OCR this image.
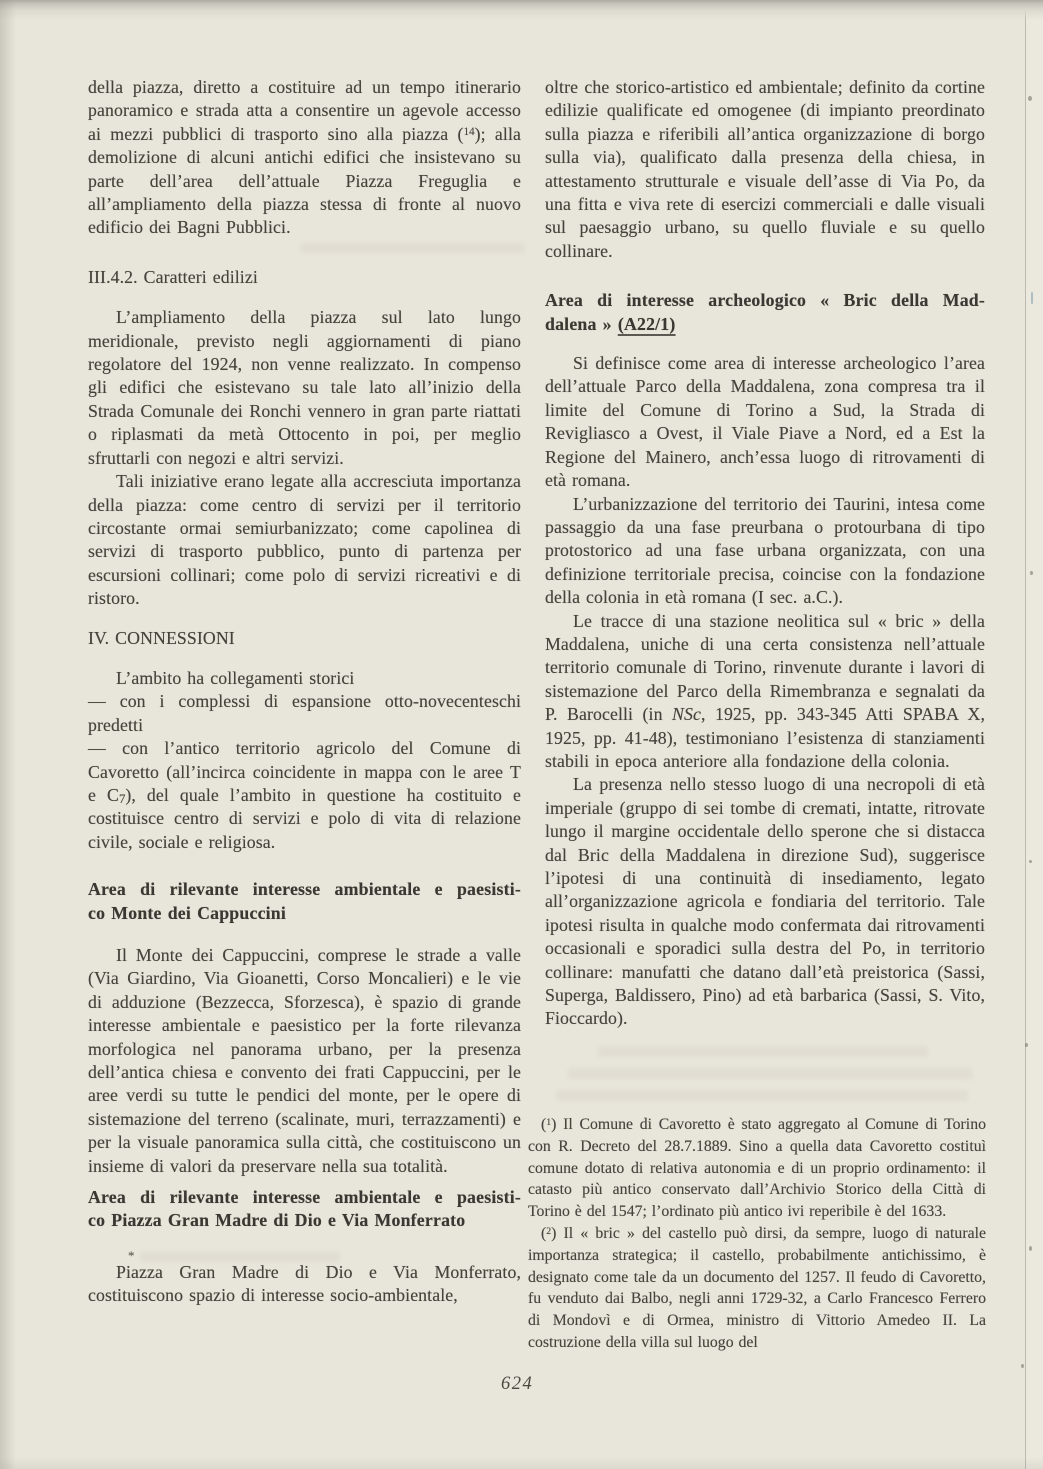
della piazza, diretto a costituire ad un tempo itinerario panoramico e strada atta a consentire un agevole accesso ai mezzi pubblici di trasporto sino alla piazza ($^{14}$); alla demolizione di alcuni antichi edifici che insistevano su parte dell’area dell’attuale Piazza Freguglia e all’ampliamento della piazza stessa di fronte al nuovo edificio dei Bagni Pubblici.

III.4.2. Caratteri edilizi

L’ampliamento della piazza sul lato lungo meridionale, previsto negli aggiornamenti di piano regolatore del 1924, non venne realizzato. In compenso gli edifici che esistevano su tale lato all’inizio della Strada Comunale dei Ronchi vennero in gran parte riattati o riplasmati da metà Ottocento in poi, per meglio sfruttarli con negozi e altri servizi.

Tali iniziative erano legate alla accresciuta importanza della piazza: come centro di servizi per il territorio circostante ormai semiurbanizzato; come capolinea di servizi di trasporto pubblico, punto di partenza per escursioni collinari; come polo di servizi ricreativi e di ristoro.

IV. CONNESSIONI

L’ambito ha collegamenti storici

— con i complessi di espansione otto-novecenteschi predetti

— con l’antico territorio agricolo del Comune di Cavoretto (all’incirca coincidente in mappa con le aree T e C7), del quale l’ambito in questione ha costituito e costituisce centro di servizi e polo di vita di relazione civile, sociale e religiosa.

Area di rilevante interesse ambientale e paesisti-
co Monte dei Cappuccini

Il Monte dei Cappuccini, comprese le strade a valle (Via Giardino, Via Gioanetti, Corso Moncalieri) e le vie di adduzione (Bezzecca, Sforzesca), è spazio di grande interesse ambientale e paesistico per la forte rilevanza morfologica nel panorama urbano, per la presenza dell’antica chiesa e convento dei frati Cappuccini, per le aree verdi su tutte le pendici del monte, per le opere di sistemazione del terreno (scalinate, muri, terrazzamenti) e per la visuale panoramica sulla città, che costituiscono un insieme di valori da preservare nella sua totalità.

Area di rilevante interesse ambientale e paesisti-
co Piazza Gran Madre di Dio e Via Monferrato
*

Piazza Gran Madre di Dio e Via Monferrato, costituiscono spazio di interesse socio-ambientale,

oltre che storico-artistico ed ambientale; definito da cortine edilizie qualificate ed omogenee (di impianto preordinato sulla piazza e riferibili all’antica organizzazione di borgo sulla via), qualificato dalla presenza della chiesa, in attestamento strutturale e visuale dell’asse di Via Po, da una fitta e viva rete di esercizi commerciali e dalle visuali sul paesaggio urbano, su quello fluviale e su quello collinare.

Area di interesse archeologico « Bric della Mad-
dalena » (A22/1)

Si definisce come area di interesse archeologico l’area dell’attuale Parco della Maddalena, zona compresa tra il limite del Comune di Torino a Sud, la Strada di Revigliasco a Ovest, il Viale Piave a Nord, ed a Est la Regione del Mainero, anch’essa luogo di ritrovamenti di età romana.

L’urbanizzazione del territorio dei Taurini, intesa come passaggio da una fase preurbana o protourbana di tipo protostorico ad una fase urbana organizzata, con una definizione territoriale precisa, coincise con la fondazione della colonia in età romana (I sec. a.C.).

Le tracce di una stazione neolitica sul « bric » della Maddalena, uniche di una certa consistenza nell’attuale territorio comunale di Torino, rinvenute durante i lavori di sistemazione del Parco della Rimembranza e segnalati da P. Barocelli (in NSc, 1925, pp. 343-345 Atti SPABA X, 1925, pp. 41-48), testimoniano l’esistenza di stanziamenti stabili in epoca anteriore alla fondazione della colonia.

La presenza nello stesso luogo di una necropoli di età imperiale (gruppo di sei tombe di cremati, intatte, ritrovate lungo il margine occidentale dello sperone che si distacca dal Bric della Maddalena in direzione Sud), suggerisce l’ipotesi di una continuità di insediamento, legato all’organizzazione agricola e fondiaria del territorio. Tale ipotesi risulta in qualche modo confermata dai ritrovamenti occasionali e sporadici sulla destra del Po, in territorio collinare: manufatti che datano dall’età preistorica (Sassi, Superga, Baldissero, Pino) ad età barbarica (Sassi, S. Vito, Fioccardo).

($^1$) Il Comune di Cavoretto è stato aggregato al Comune di Torino con R. Decreto del 28.7.1889. Sino a quella data Cavoretto costituì comune dotato di relativa autonomia e di un proprio ordinamento: il catasto più antico conservato dall’Archivio Storico della Città di Torino è del 1547; l’ordinato più antico ivi reperibile è del 1633.

($^2$) Il « bric » del castello può dirsi, da sempre, luogo di naturale importanza strategica; il castello, probabilmente antichissimo, è designato come tale da un documento del 1257. Il feudo di Cavoretto, fu venduto dai Balbo, negli anni 1729-32, a Carlo Francesco Ferrero di Mondovì e di Ormea, ministro di Vittorio Amedeo II. La costruzione della villa sul luogo del

624
